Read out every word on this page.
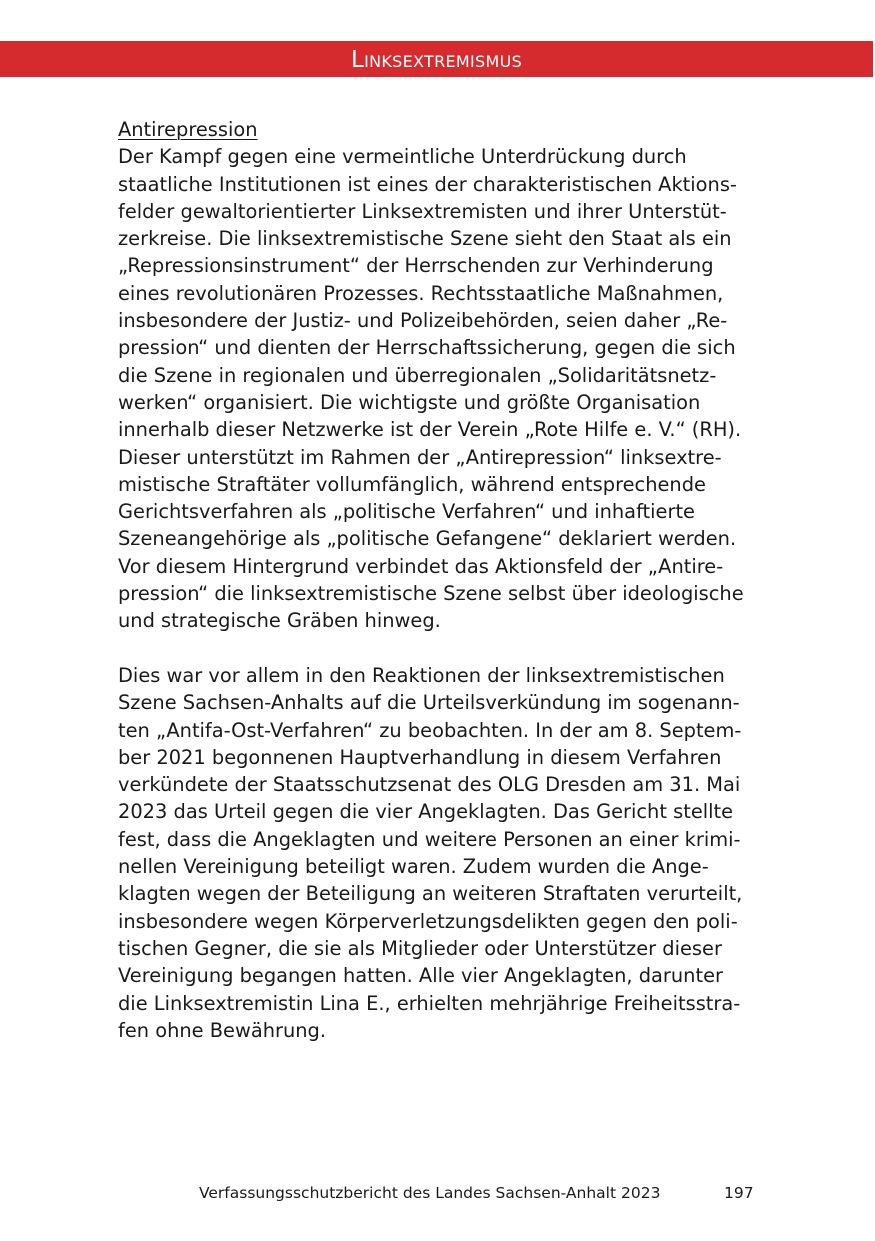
Linksextremismus
Antirepression
Der Kampf gegen eine vermeintliche Unterdrückung durch
staatliche Institutionen ist eines der charakteristischen Aktions-
felder gewaltorientierter Linksextremisten und ihrer Unterstüt-
zerkreise. Die linksextremistische Szene sieht den Staat als ein
„Repressionsinstrument“ der Herrschenden zur Verhinderung
eines revolutionären Prozesses. Rechtsstaatliche Maßnahmen,
insbesondere der Justiz- und Polizeibehörden, seien daher „Re-
pression“ und dienten der Herrschaftssicherung, gegen die sich
die Szene in regionalen und überregionalen „Solidaritätsnetz-
werken“ organisiert. Die wichtigste und größte Organisation
innerhalb dieser Netzwerke ist der Verein „Rote Hilfe e. V.“ (RH).
Dieser unterstützt im Rahmen der „Antirepression“ linksextre-
mistische Straftäter vollumfänglich, während entsprechende
Gerichtsverfahren als „politische Verfahren“ und inhaftierte
Szeneangehörige als „politische Gefangene“ deklariert werden.
Vor diesem Hintergrund verbindet das Aktionsfeld der „Antire-
pression“ die linksextremistische Szene selbst über ideologische
und strategische Gräben hinweg.
Dies war vor allem in den Reaktionen der linksextremistischen
Szene Sachsen-Anhalts auf die Urteilsverkündung im sogenann-
ten „Antifa-Ost-Verfahren“ zu beobachten. In der am 8. Septem-
ber 2021 begonnenen Hauptverhandlung in diesem Verfahren
verkündete der Staatsschutzsenat des OLG Dresden am 31. Mai
2023 das Urteil gegen die vier Angeklagten. Das Gericht stellte
fest, dass die Angeklagten und weitere Personen an einer krimi-
nellen Vereinigung beteiligt waren. Zudem wurden die Ange-
klagten wegen der Beteiligung an weiteren Straftaten verurteilt,
insbesondere wegen Körperverletzungsdelikten gegen den poli-
tischen Gegner, die sie als Mitglieder oder Unterstützer dieser
Vereinigung begangen hatten. Alle vier Angeklagten, darunter
die Linksextremistin Lina E., erhielten mehrjährige Freiheitsstra-
fen ohne Bewährung.
Verfassungsschutzbericht des Landes Sachsen-Anhalt 2023	197
